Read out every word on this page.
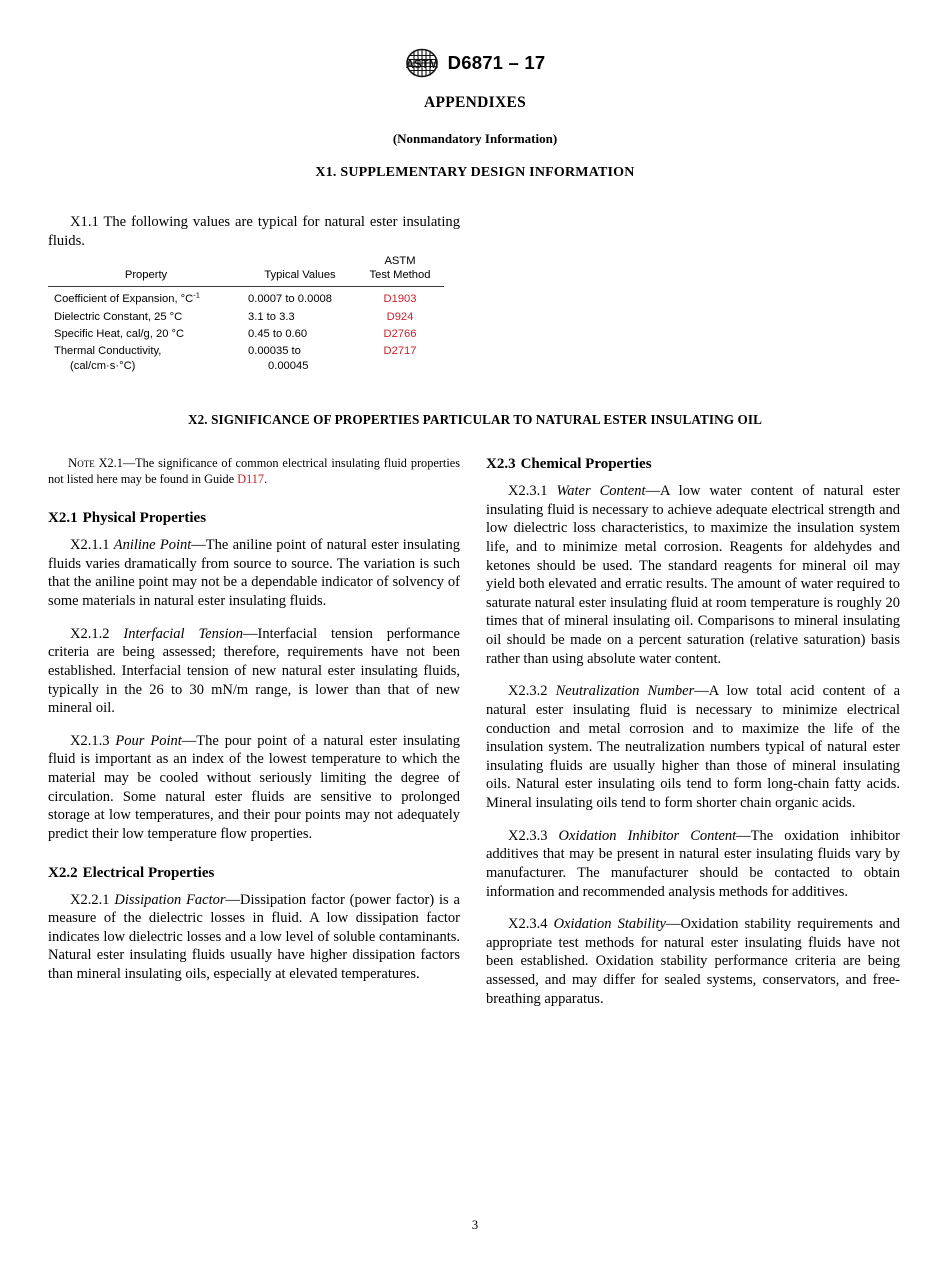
ASTM D6871 – 17
APPENDIXES
(Nonmandatory Information)
X1. SUPPLEMENTARY DESIGN INFORMATION
X1.1 The following values are typical for natural ester insulating fluids.
Property	Typical Values	ASTM
Test Method
Coefficient of Expansion, $^\circ C^{-1}$	0.0007 to 0.0008	D1903
Dielectric Constant, 25 °C	3.1 to 3.3	D924
Specific Heat, cal/g, 20 °C	0.45 to 0.60	D2766
Thermal Conductivity,
(cal/cm·s·°C)	0.00035 to
0.00045	D2717
X2. SIGNIFICANCE OF PROPERTIES PARTICULAR TO NATURAL ESTER INSULATING OIL

Note X2.1—The significance of common electrical insulating fluid properties not listed here may be found in Guide D117.

X2.1 Physical Properties

X2.1.1 Aniline Point—The aniline point of natural ester insulating fluids varies dramatically from source to source. The variation is such that the aniline point may not be a dependable indicator of solvency of some materials in natural ester insulating fluids.

X2.1.2 Interfacial Tension—Interfacial tension performance criteria are being assessed; therefore, requirements have not been established. Interfacial tension of new natural ester insulating fluids, typically in the 26 to 30 mN/m range, is lower than that of new mineral oil.

X2.1.3 Pour Point—The pour point of a natural ester insulating fluid is important as an index of the lowest temperature to which the material may be cooled without seriously limiting the degree of circulation. Some natural ester fluids are sensitive to prolonged storage at low temperatures, and their pour points may not adequately predict their low temperature flow properties.

X2.2 Electrical Properties

X2.2.1 Dissipation Factor—Dissipation factor (power factor) is a measure of the dielectric losses in fluid. A low dissipation factor indicates low dielectric losses and a low level of soluble contaminants. Natural ester insulating fluids usually have higher dissipation factors than mineral insulating oils, especially at elevated temperatures.

X2.3 Chemical Properties

X2.3.1 Water Content—A low water content of natural ester insulating fluid is necessary to achieve adequate electrical strength and low dielectric loss characteristics, to maximize the insulation system life, and to minimize metal corrosion. Reagents for aldehydes and ketones should be used. The standard reagents for mineral oil may yield both elevated and erratic results. The amount of water required to saturate natural ester insulating fluid at room temperature is roughly 20 times that of mineral insulating oil. Comparisons to mineral insulating oil should be made on a percent saturation (relative saturation) basis rather than using absolute water content.

X2.3.2 Neutralization Number—A low total acid content of a natural ester insulating fluid is necessary to minimize electrical conduction and metal corrosion and to maximize the life of the insulation system. The neutralization numbers typical of natural ester insulating fluids are usually higher than those of mineral insulating oils. Natural ester insulating oils tend to form long-chain fatty acids. Mineral insulating oils tend to form shorter chain organic acids.

X2.3.3 Oxidation Inhibitor Content—The oxidation inhibitor additives that may be present in natural ester insulating fluids vary by manufacturer. The manufacturer should be contacted to obtain information and recommended analysis methods for additives.

X2.3.4 Oxidation Stability—Oxidation stability requirements and appropriate test methods for natural ester insulating fluids have not been established. Oxidation stability performance criteria are being assessed, and may differ for sealed systems, conservators, and free-breathing apparatus.

3
